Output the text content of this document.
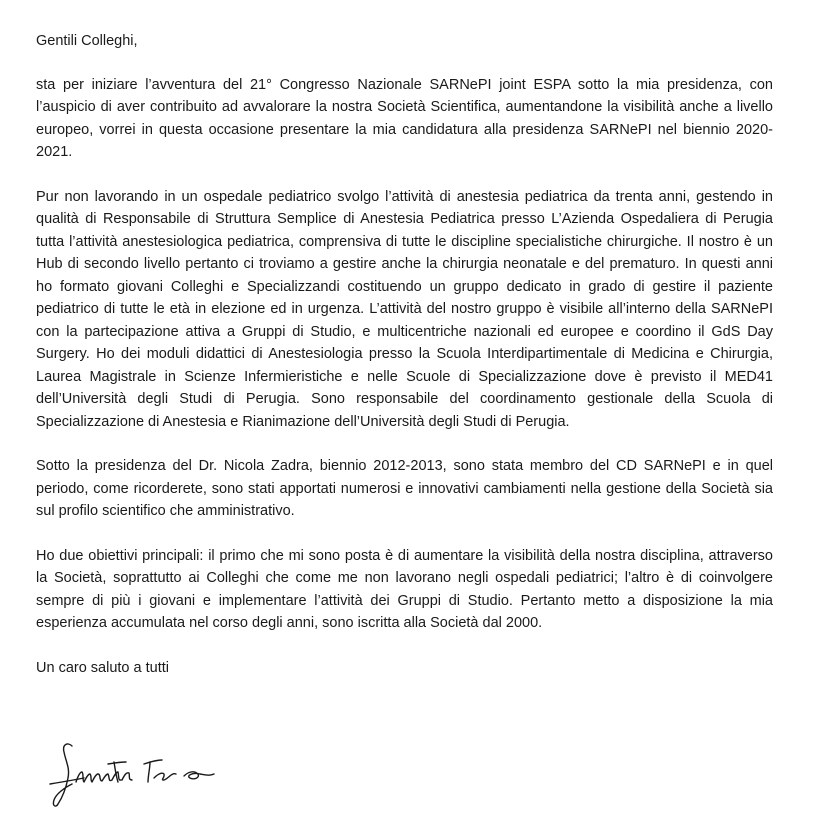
Gentili Colleghi,

sta per iniziare l’avventura del 21° Congresso Nazionale SARNePI joint ESPA sotto la mia presidenza, con l’auspicio di aver contribuito ad avvalorare la nostra Società Scientifica, aumentandone la visibilità anche a livello europeo, vorrei in questa occasione presentare la mia candidatura alla presidenza SARNePI nel biennio 2020-2021.

Pur non lavorando in un ospedale pediatrico svolgo l’attività di anestesia pediatrica da trenta anni, gestendo in qualità di Responsabile di Struttura Semplice di Anestesia Pediatrica presso L’Azienda Ospedaliera di Perugia tutta l’attività anestesiologica pediatrica, comprensiva di tutte le discipline specialistiche chirurgiche. Il nostro è un Hub di secondo livello pertanto ci troviamo a gestire anche la chirurgia neonatale e del prematuro. In questi anni ho formato giovani Colleghi e Specializzandi costituendo un gruppo dedicato in grado di gestire il paziente pediatrico di tutte le età in elezione ed in urgenza. L’attività del nostro gruppo è visibile all’interno della SARNePI con la partecipazione attiva a Gruppi di Studio, e multicentriche nazionali ed europee e coordino il GdS Day Surgery. Ho dei moduli didattici di Anestesiologia presso la Scuola Interdipartimentale di Medicina e Chirurgia, Laurea Magistrale in Scienze Infermieristiche e nelle Scuole di Specializzazione dove è previsto il MED41 dell’Università degli Studi di Perugia. Sono responsabile del coordinamento gestionale della Scuola di Specializzazione di Anestesia e Rianimazione dell’Università degli Studi di Perugia.

Sotto la presidenza del Dr. Nicola Zadra, biennio 2012-2013, sono stata membro del CD SARNePI e in quel periodo, come ricorderete, sono stati apportati numerosi e innovativi cambiamenti nella gestione della Società sia sul profilo scientifico che amministrativo.

Ho due obiettivi principali: il primo che mi sono posta è di aumentare la visibilità della nostra disciplina, attraverso la Società, soprattutto ai Colleghi che come me non lavorano negli ospedali pediatrici; l’altro è di coinvolgere sempre di più i giovani e implementare l’attività dei Gruppi di Studio. Pertanto metto a disposizione la mia esperienza accumulata nel corso degli anni, sono iscritta alla Società dal 2000.

Un caro saluto a tutti
